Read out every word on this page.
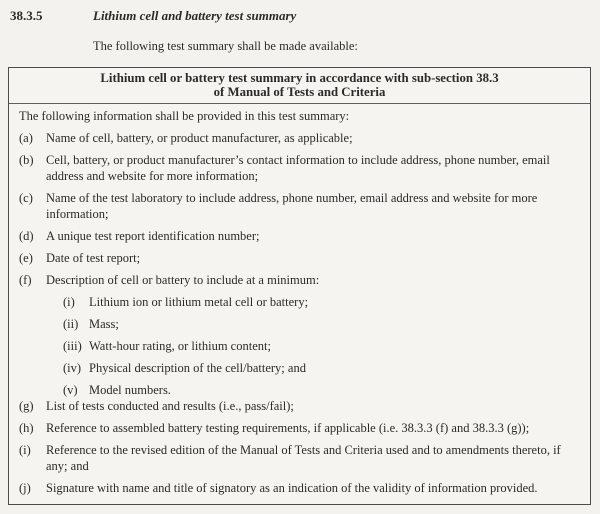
38.3.5	Lithium cell and battery test summary

The following test summary shall be made available:

Lithium cell or battery test summary in accordance with sub-section 38.3
of Manual of Tests and Criteria

The following information shall be provided in this test summary:

(a)	Name of cell, battery, or product manufacturer, as applicable;
(b) Cell, battery, or product manufacturer’s contact information to include address, phone number, email address and website for more information;
(c)	Name of the test laboratory to include address, phone number, email address and website for more information;
(d) A unique test report identification number;
(e)	Date of test report;
(f)	Description of cell or battery to include at a minimum:
(i)	Lithium ion or lithium metal cell or battery;
(ii) Mass;
(iii) Watt-hour rating, or lithium content;
(iv) Physical description of the cell/battery; and
(v) Model numbers.
(g) List of tests conducted and results (i.e., pass/fail);
(h) Reference to assembled battery testing requirements, if applicable (i.e. 38.3.3 (f) and 38.3.3 (g));
(i)	Reference to the revised edition of the Manual of Tests and Criteria used and to amendments thereto, if any; and
(j)	Signature with name and title of signatory as an indication of the validity of information provided.
